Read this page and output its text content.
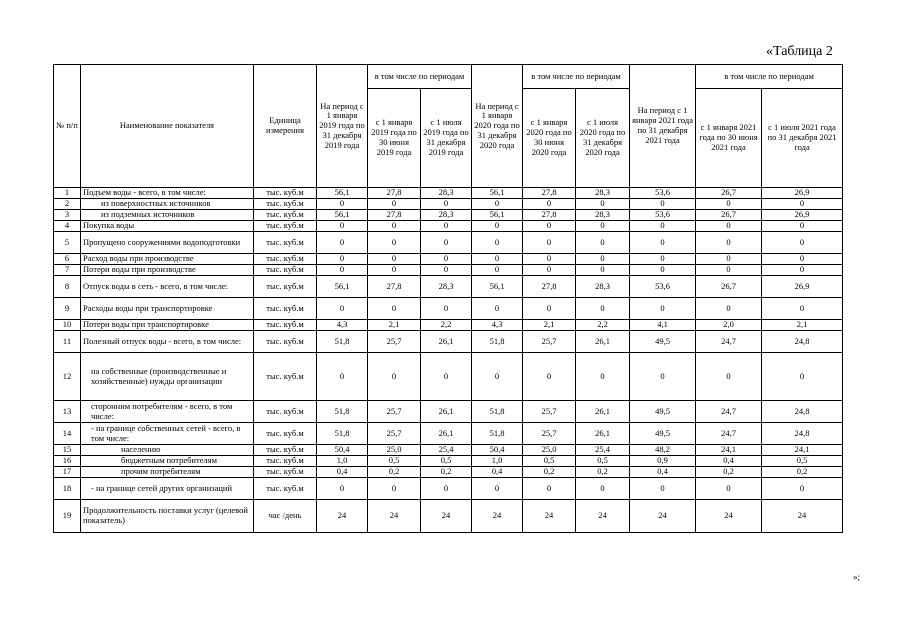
«Таблица 2
№ п/п	Наименование показателя	Единица измерения	На период с 1 января 2019 года по 31 декабря 2019 года	в том числе по периодам		На период с 1 января 2020 года по 31 декабря 2020 года	в том числе по периодам		На период с 1 января 2021 года по 31 декабря 2021 года	в том числе по периодам	
				с 1 января 2019 года по 30 июня 2019 года	с 1 июля 2019 года по 31 декабря 2019 года		с 1 января 2020 года по 30 июня 2020 года	с 1 июля 2020 года по 31 декабря 2020 года		с 1 января 2021 года по 30 июня 2021 года	с 1 июля 2021 года по 31 декабря 2021 года
1	Подъем воды - всего, в том числе:	тыс. куб.м	56,1	27,8	28,3	56,1	27,8	28,3	53,6	26,7	26,9
2	из поверхностных источников	тыс. куб.м	0	0	0	0	0	0	0	0	0
3	из подземных источников	тыс. куб.м	56,1	27,8	28,3	56,1	27,8	28,3	53,6	26,7	26,9
4	Покупка воды	тыс. куб.м	0	0	0	0	0	0	0	0	0
5	Пропущено сооружениями водоподготовки	тыс. куб.м	0	0	0	0	0	0	0	0	0
6	Расход воды при производстве	тыс. куб.м	0	0	0	0	0	0	0	0	0
7	Потери воды при производстве	тыс. куб.м	0	0	0	0	0	0	0	0	0
8	Отпуск воды в сеть - всего, в том числе:	тыс. куб.м	56,1	27,8	28,3	56,1	27,8	28,3	53,6	26,7	26,9
9	Расходы воды при транспортировке	тыс. куб.м	0	0	0	0	0	0	0	0	0
10	Потери воды при транспортировке	тыс. куб.м	4,3	2,1	2,2	4,3	2,1	2,2	4,1	2,0	2,1
11	Полезный отпуск воды - всего, в том числе:	тыс. куб.м	51,8	25,7	26,1	51,8	25,7	26,1	49,5	24,7	24,8
12	на собственные (производственные и хозяйственные) нужды организации	тыс. куб.м	0	0	0	0	0	0	0	0	0
13	сторонним потребителям - всего, в том числе:	тыс. куб.м	51,8	25,7	26,1	51,8	25,7	26,1	49,5	24,7	24,8
14	- на границе собственных сетей - всего, в том числе:	тыс. куб.м	51,8	25,7	26,1	51,8	25,7	26,1	49,5	24,7	24,8
15	населению	тыс. куб.м	50,4	25,0	25,4	50,4	25,0	25,4	48,2	24,1	24,1
16	бюджетным потребителям	тыс. куб.м	1,0	0,5	0,5	1,0	0,5	0,5	0,9	0,4	0,5
17	прочим потребителям	тыс. куб.м	0,4	0,2	0,2	0,4	0,2	0,2	0,4	0,2	0,2
18	- на границе сетей других организаций	тыс. куб.м	0	0	0	0	0	0	0	0	0
19	Продолжительность поставки услуг (целевой показатель)	час /день	24	24	24	24	24	24	24	24	24
»;
